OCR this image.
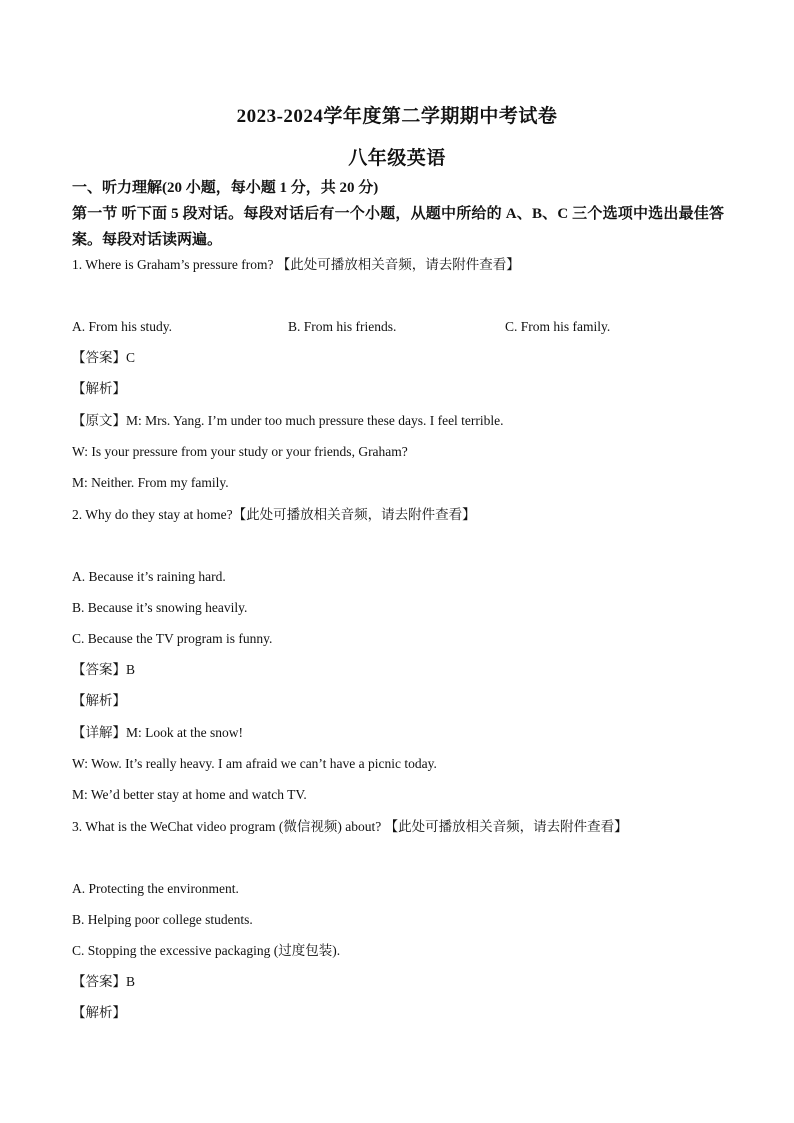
2023-2024学年度第二学期期中考试卷
八年级英语
一、听力理解(20 小题，每小题 1 分，共 20 分)
第一节 听下面 5 段对话。每段对话后有一个小题，从题中所给的 A、B、C 三个选项中选出最佳答案。每段对话读两遍。
1. Where is Graham’s pressure from? 【此处可播放相关音频，请去附件查看】
A. From his study.	B. From his friends.	C. From his family.
【答案】C
【解析】
【原文】M: Mrs. Yang. I’m under too much pressure these days. I feel terrible.
W: Is your pressure from your study or your friends, Graham?
M: Neither. From my family.
2. Why do they stay at home?【此处可播放相关音频，请去附件查看】
A. Because it’s raining hard.
B. Because it’s snowing heavily.
C. Because the TV program is funny.
【答案】B
【解析】
【详解】M: Look at the snow!
W: Wow. It’s really heavy. I am afraid we can’t have a picnic today.
M: We’d better stay at home and watch TV.
3. What is the WeChat video program (微信视频) about? 【此处可播放相关音频，请去附件查看】
A. Protecting the environment.
B. Helping poor college students.
C. Stopping the excessive packaging (过度包装).
【答案】B
【解析】
